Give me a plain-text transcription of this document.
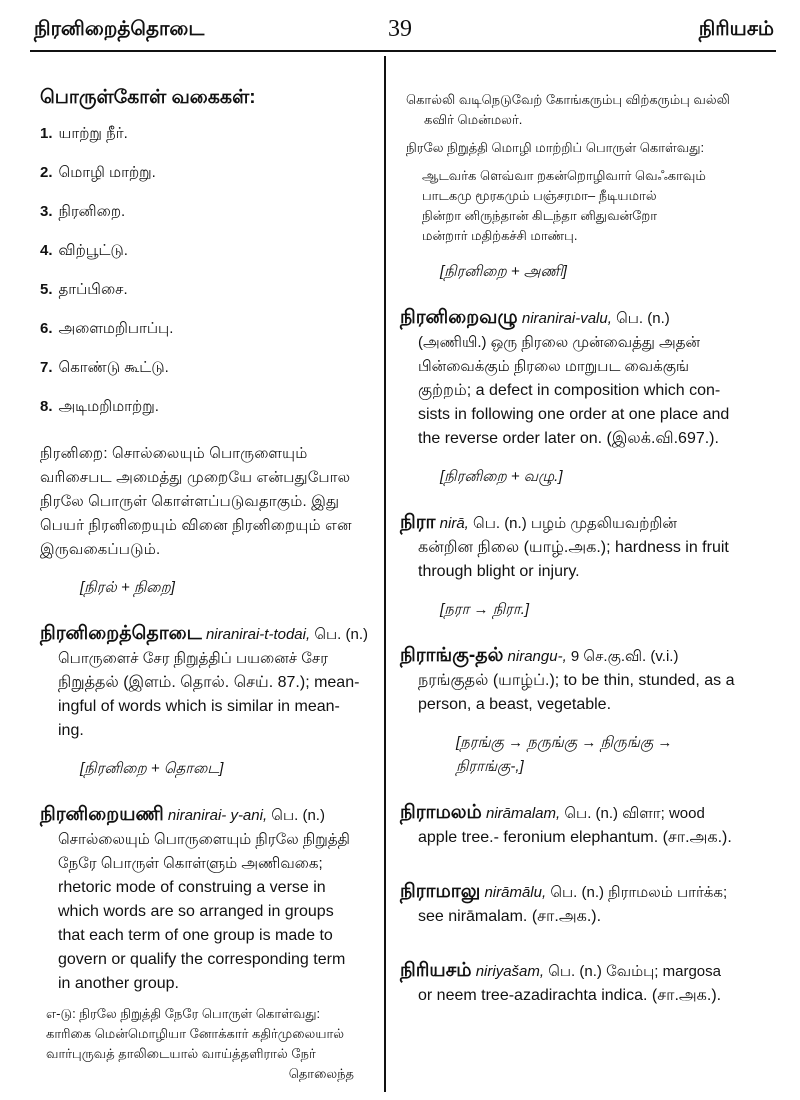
நிரனிறைத்தொடை	39	நிரியசம்
பொருள்கோள் வகைகள்:
1. யாற்று நீர்.
2. மொழி மாற்று.
3. நிரனிறை.
4. விற்பூட்டு.
5. தாப்பிசை.
6. அளைமறிபாப்பு.
7. கொண்டு கூட்டு.
8. அடிமறிமாற்று.

நிரனிறை: சொல்லையும் பொருளையும்

வரிசைபட அமைத்து முறையே என்பதுபோல

நிரலே பொருள் கொள்ளப்படுவதாகும். இது

பெயர் நிரனிறையும் வினை நிரனிறையும் என

இருவகைப்படும்.

[நிரல் + நிறை]
நிரனிறைத்தொடை niranirai-t-todai, பெ. (n.)

பொருளைச் சேர நிறுத்திப் பயனைச் சேர

நிறுத்தல் (இளம். தொல். செய். 87.); mean-

ingful of words which is similar in mean-

ing.

[நிரனிறை + தொடை]
நிரனிறையணி niranirai- y-ani, பெ. (n.)

சொல்லையும் பொருளையும் நிரலே நிறுத்தி

நேரே பொருள் கொள்ளும் அணிவகை;

rhetoric mode of construing a verse in

which words are so arranged in groups

that each term of one group is made to

govern or qualify the corresponding term

in another group.

எ-டு: நிரலே நிறுத்தி நேரே பொருள் கொள்வது:

காரிகை மென்மொழியா னோக்கார் கதிர்முலையால்

வார்புருவத் தாலிடையால் வாய்த்தளிரால் நேர்

தொலைந்த

கொல்லி வடிநெடுவேற் கோங்கரும்பு விற்கரும்பு வல்லி

கவிர் மென்மலர்.

நிரலே நிறுத்தி மொழி மாற்றிப் பொருள் கொள்வது:

ஆடவர்க ளெவ்வா றகன்றொழிவார் வெஃகாவும்

பாடகமு மூரகமும் பஞ்சரமா– நீடியமால்

நின்றா னிருந்தான் கிடந்தா னிதுவன்றோ

மன்றார் மதிற்கச்சி மாண்பு.

[நிரனிறை + அணி]
நிரனிறைவழு niranirai-valu, பெ. (n.)

(அணியி.) ஒரு நிரலை முன்வைத்து அதன்

பின்வைக்கும் நிரலை மாறுபட வைக்குங்

குற்றம்; a defect in composition which con-

sists in following one order at one place and

the reverse order later on. (இலக்.வி.697.).

[நிரனிறை + வழு.]
நிரா nirā, பெ. (n.) பழம் முதலியவற்றின்

கன்றின நிலை (யாழ்.அக.); hardness in fruit

through blight or injury.

[நரா → நிரா.]
நிராங்கு-தல் nirangu-, 9 செ.கு.வி. (v.i.)

நரங்குதல் (யாழ்ப்.); to be thin, stunded, as a

person, a beast, vegetable.

[நரங்கு → நருங்கு → நிருங்கு →

நிராங்கு-,]

நிராமலம் nirāmalam, பெ. (n.) விளா; wood

apple tree.- feronium elephantum. (சா.அக.).

நிராமாலு nirāmālu, பெ. (n.) நிராமலம் பார்க்க;

see nirāmalam. (சா.அக.).

நிரியசம் niriyašam, பெ. (n.) வேம்பு; margosa

or neem tree-azadirachta indica. (சா.அக.).
